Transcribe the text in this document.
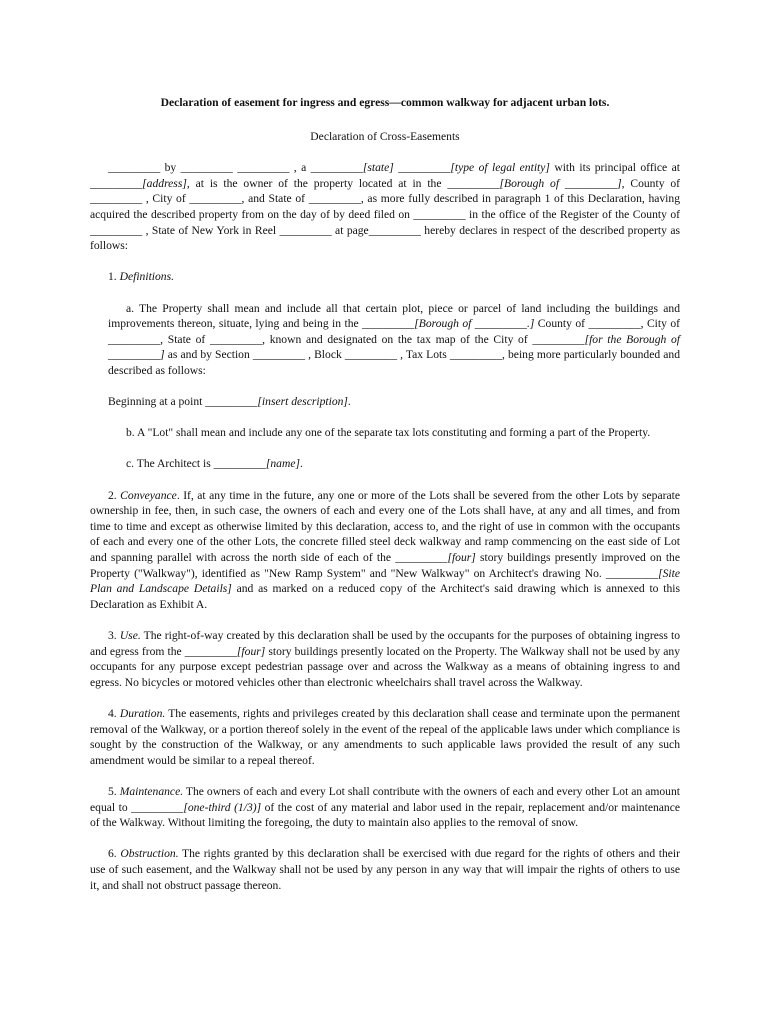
Declaration of easement for ingress and egress—common walkway for adjacent urban lots.

Declaration of Cross-Easements

_________ by _________ _________ , a _________[state] _________[type of legal entity] with its principal office at _________[address], at is the owner of the property located at in the _________[Borough of _________], County of _________ , City of _________, and State of _________, as more fully described in paragraph 1 of this Declaration, having acquired the described property from on the day of by deed filed on _________ in the office of the Register of the County of _________ , State of New York in Reel _________ at page_________ hereby declares in respect of the described property as follows:

1. Definitions.

a. The Property shall mean and include all that certain plot, piece or parcel of land including the buildings and improvements thereon, situate, lying and being in the _________[Borough of _________.] County of _________, City of _________, State of _________, known and designated on the tax map of the City of _________[for the Borough of _________] as and by Section _________ , Block _________ , Tax Lots _________, being more particularly bounded and described as follows:

Beginning at a point _________[insert description].

b. A "Lot" shall mean and include any one of the separate tax lots constituting and forming a part of the Property.

c. The Architect is _________[name].

2. Conveyance. If, at any time in the future, any one or more of the Lots shall be severed from the other Lots by separate ownership in fee, then, in such case, the owners of each and every one of the Lots shall have, at any and all times, and from time to time and except as otherwise limited by this declaration, access to, and the right of use in common with the occupants of each and every one of the other Lots, the concrete filled steel deck walkway and ramp commencing on the east side of Lot and spanning parallel with across the north side of each of the _________[four] story buildings presently improved on the Property ("Walkway"), identified as "New Ramp System" and "New Walkway" on Architect's drawing No. _________[Site Plan and Landscape Details] and as marked on a reduced copy of the Architect's said drawing which is annexed to this Declaration as Exhibit A.

3. Use. The right-of-way created by this declaration shall be used by the occupants for the purposes of obtaining ingress to and egress from the _________[four] story buildings presently located on the Property. The Walkway shall not be used by any occupants for any purpose except pedestrian passage over and across the Walkway as a means of obtaining ingress to and egress. No bicycles or motored vehicles other than electronic wheelchairs shall travel across the Walkway.

4. Duration. The easements, rights and privileges created by this declaration shall cease and terminate upon the permanent removal of the Walkway, or a portion thereof solely in the event of the repeal of the applicable laws under which compliance is sought by the construction of the Walkway, or any amendments to such applicable laws provided the result of any such amendment would be similar to a repeal thereof.

5. Maintenance. The owners of each and every Lot shall contribute with the owners of each and every other Lot an amount equal to _________[one-third (1/3)] of the cost of any material and labor used in the repair, replacement and/or maintenance of the Walkway. Without limiting the foregoing, the duty to maintain also applies to the removal of snow.

6. Obstruction. The rights granted by this declaration shall be exercised with due regard for the rights of others and their use of such easement, and the Walkway shall not be used by any person in any way that will impair the rights of others to use it, and shall not obstruct passage thereon.
